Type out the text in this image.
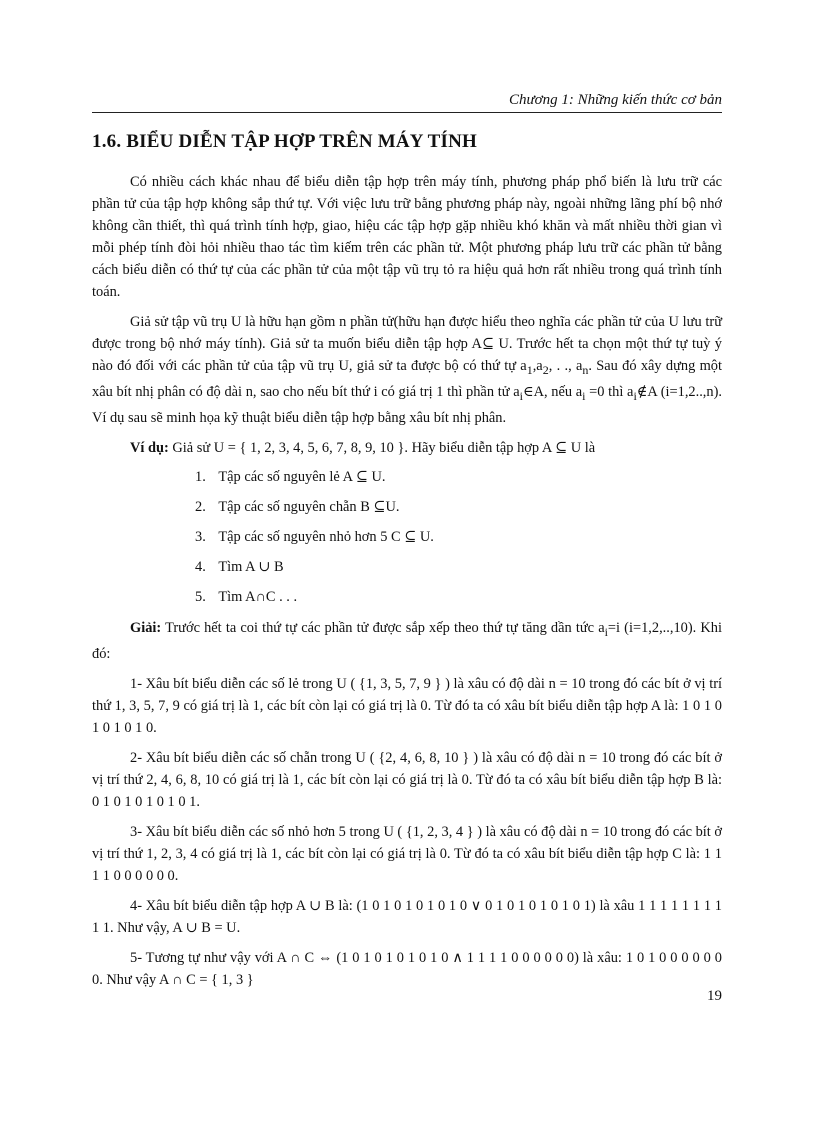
Chương 1: Những kiến thức cơ bản
1.6. BIỂU DIỄN TẬP HỢP TRÊN MÁY TÍNH

Có nhiều cách khác nhau để biểu diễn tập hợp trên máy tính, phương pháp phổ biến là lưu trữ các phần tử của tập hợp không sắp thứ tự. Với việc lưu trữ bằng phương pháp này, ngoài những lãng phí bộ nhớ không cần thiết, thì quá trình tính hợp, giao, hiệu các tập hợp gặp nhiều khó khăn và mất nhiều thời gian vì mỗi phép tính đòi hỏi nhiều thao tác tìm kiếm trên các phần tử. Một phương pháp lưu trữ các phần tử bằng cách biểu diễn có thứ tự của các phần tử của một tập vũ trụ tỏ ra hiệu quả hơn rất nhiều trong quá trình tính toán.

Giả sử tập vũ trụ U là hữu hạn gồm n phần tử(hữu hạn được hiểu theo nghĩa các phần tử của U lưu trữ được trong bộ nhớ máy tính). Giả sử ta muốn biểu diễn tập hợp A⊆ U. Trước hết ta chọn một thứ tự tuỳ ý nào đó đối với các phần tử của tập vũ trụ U, giả sử ta được bộ có thứ tự $a_1,a_2$, . ., $a_n$. Sau đó xây dựng một xâu bít nhị phân có độ dài n, sao cho nếu bít thứ i có giá trị 1 thì phần tử $a_i\in A$, nếu $a_i =0$ thì $a_i\notin A$ (i=1,2..,n). Ví dụ sau sẽ minh họa kỹ thuật biểu diễn tập hợp bằng xâu bít nhị phân.

Ví dụ: Giả sử U = { 1, 2, 3, 4, 5, 6, 7, 8, 9, 10 }. Hãy biểu diễn tập hợp A ⊆ U là

1. Tập các số nguyên lẻ A ⊆ U.
2. Tập các số nguyên chẵn B ⊆U.
3. Tập các số nguyên nhỏ hơn 5 C ⊆ U.
4. Tìm A ∪ B
5. Tìm A∩C . . .

Giải: Trước hết ta coi thứ tự các phần tử được sắp xếp theo thứ tự tăng dần tức $a_i=i$ (i=1,2,..,10). Khi đó:

1- Xâu bít biểu diễn các số lẻ trong U ( {1, 3, 5, 7, 9 } ) là xâu có độ dài n = 10 trong đó các bít ở vị trí thứ 1, 3, 5, 7, 9 có giá trị là 1, các bít còn lại có giá trị là 0. Từ đó ta có xâu bít biểu diễn tập hợp A là: 1 0 1 0 1 0 1 0 1 0.

2- Xâu bít biểu diễn các số chẵn trong U ( {2, 4, 6, 8, 10 } ) là xâu có độ dài n = 10 trong đó các bít ở vị trí thứ 2, 4, 6, 8, 10 có giá trị là 1, các bít còn lại có giá trị là 0. Từ đó ta có xâu bít biểu diễn tập hợp B là: 0 1 0 1 0 1 0 1 0 1.

3- Xâu bít biểu diễn các số nhỏ hơn 5 trong U ( {1, 2, 3, 4 } ) là xâu có độ dài n = 10 trong đó các bít ở vị trí thứ 1, 2, 3, 4 có giá trị là 1, các bít còn lại có giá trị là 0. Từ đó ta có xâu bít biểu diễn tập hợp C là: 1 1 1 1 0 0 0 0 0 0.

4- Xâu bít biểu diễn tập hợp A ∪ B là: (1 0 1 0 1 0 1 0 1 0 ∨ 0 1 0 1 0 1 0 1 0 1) là xâu 1 1 1 1 1 1 1 1 1 1. Như vậy, A ∪ B = U.

5- Tương tự như vậy với A ∩ C ⇔ (1 0 1 0 1 0 1 0 1 0 ∧ 1 1 1 1 0 0 0 0 0 0) là xâu: 1 0 1 0 0 0 0 0 0 0. Như vậy A ∩ C = { 1, 3 }

19
